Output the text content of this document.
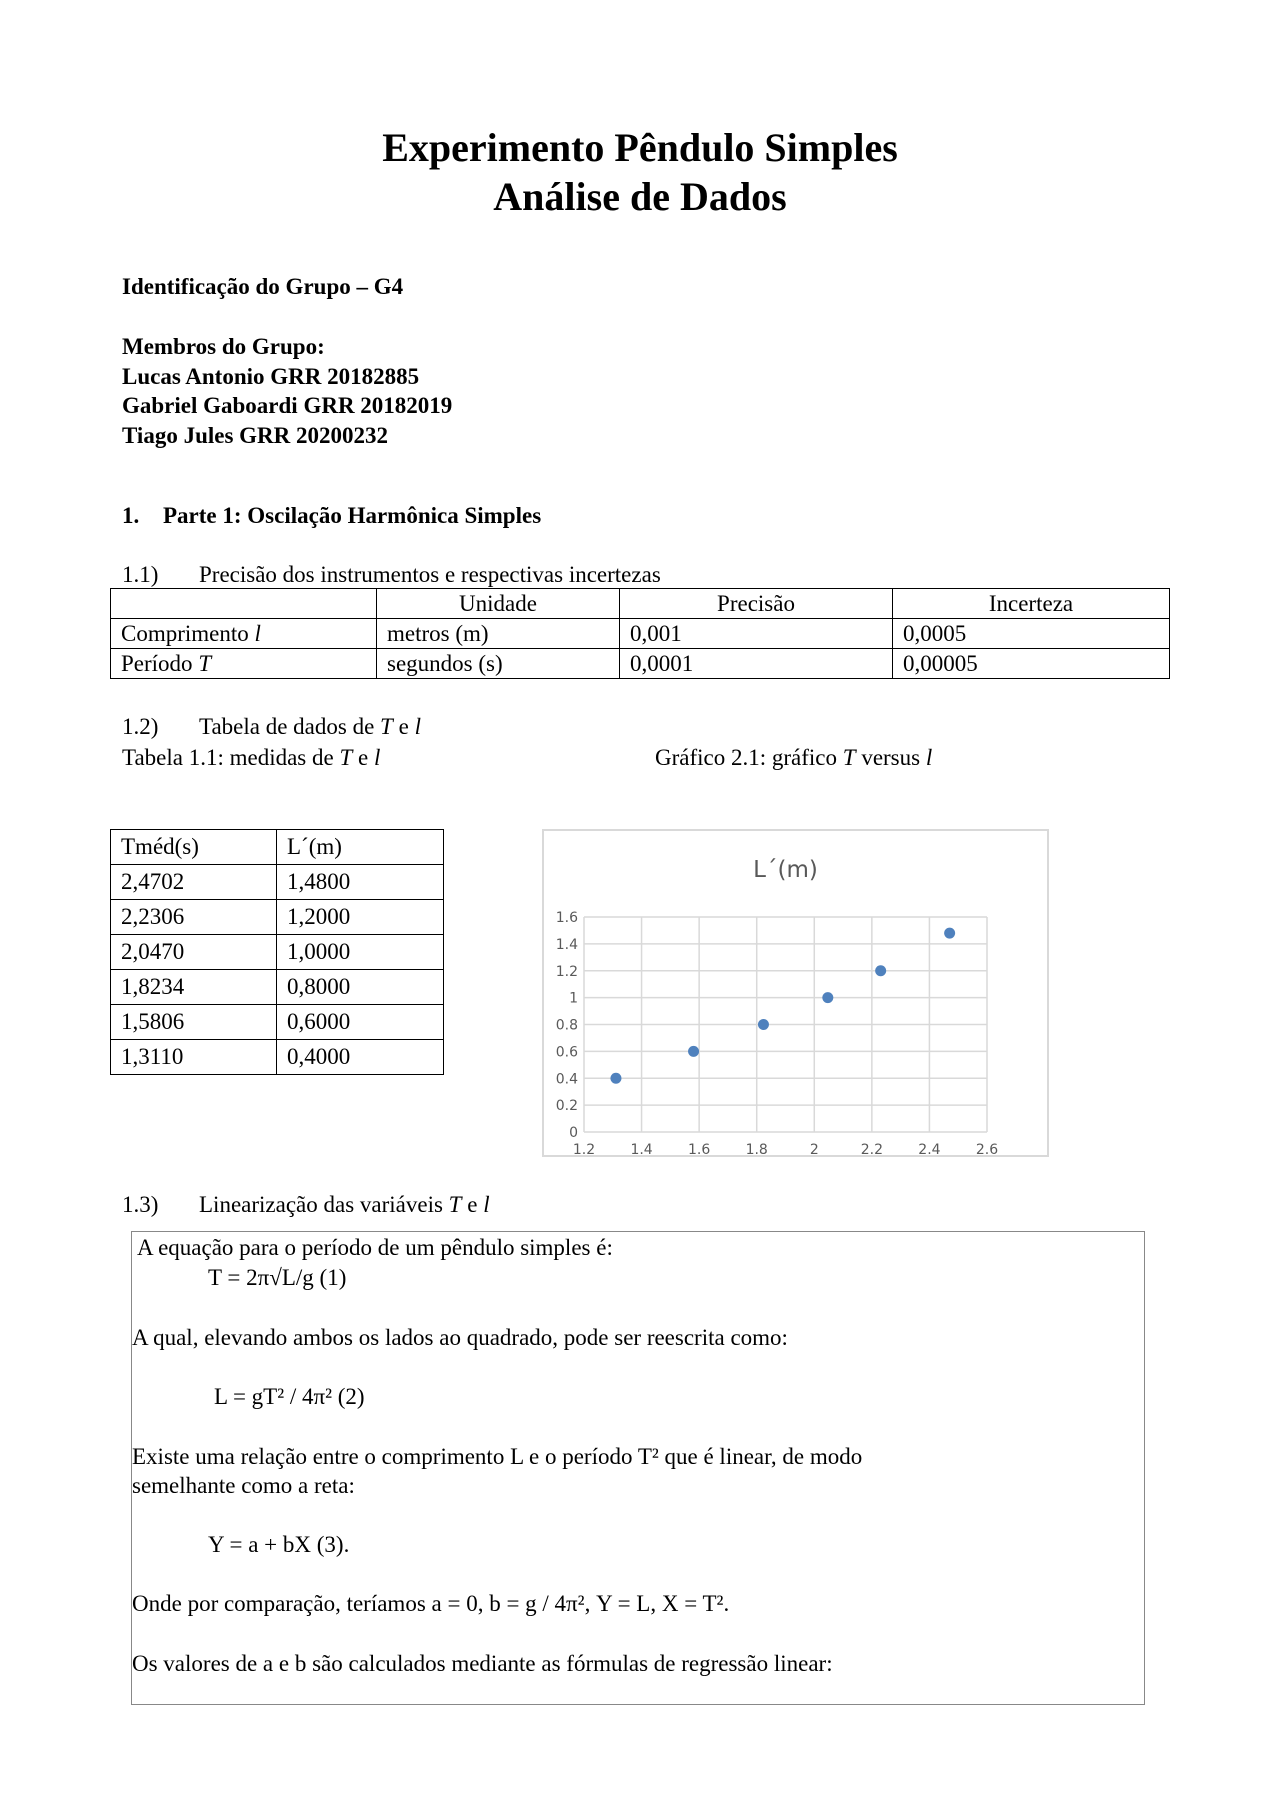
Experimento Pêndulo Simples
Análise de Dados
Identificação do Grupo – G4
Membros do Grupo:
Lucas Antonio GRR 20182885
Gabriel Gaboardi GRR 20182019
Tiago Jules GRR 20200232
1. Parte 1: Oscilação Harmônica Simples
1.1) Precisão dos instrumentos e respectivas incertezas
	Unidade	Precisão	Incerteza
Comprimento l	metros (m)	0,001	0,0005
Período T	segundos (s)	0,0001	0,00005
1.2) Tabela de dados de T e l
Tabela 1.1: medidas de T e l	Gráfico 2.1: gráfico T versus l
Tméd(s)	L´(m)
2,4702	1,4800
2,2306	1,2000
2,0470	1,0000
1,8234	0,8000
1,5806	0,6000
1,3110	0,4000
L´(m)
0
0.2
0.4
0.6
0.8
1
1.2
1.4
1.6
1.2	1.4	1.6	1.8	2	2.2	2.4	2.6
1.3) Linearização das variáveis T e l
A equação para o período de um pêndulo simples é:
T = 2π√L/g (1)
A qual, elevando ambos os lados ao quadrado, pode ser reescrita como:
L = gT² / 4π² (2)
Existe uma relação entre o comprimento L e o período T² que é linear, de modo
semelhante como a reta:
Y = a + bX (3).
Onde por comparação, teríamos a = 0, b = g / 4π², Y = L, X = T².
Os valores de a e b são calculados mediante as fórmulas de regressão linear:
